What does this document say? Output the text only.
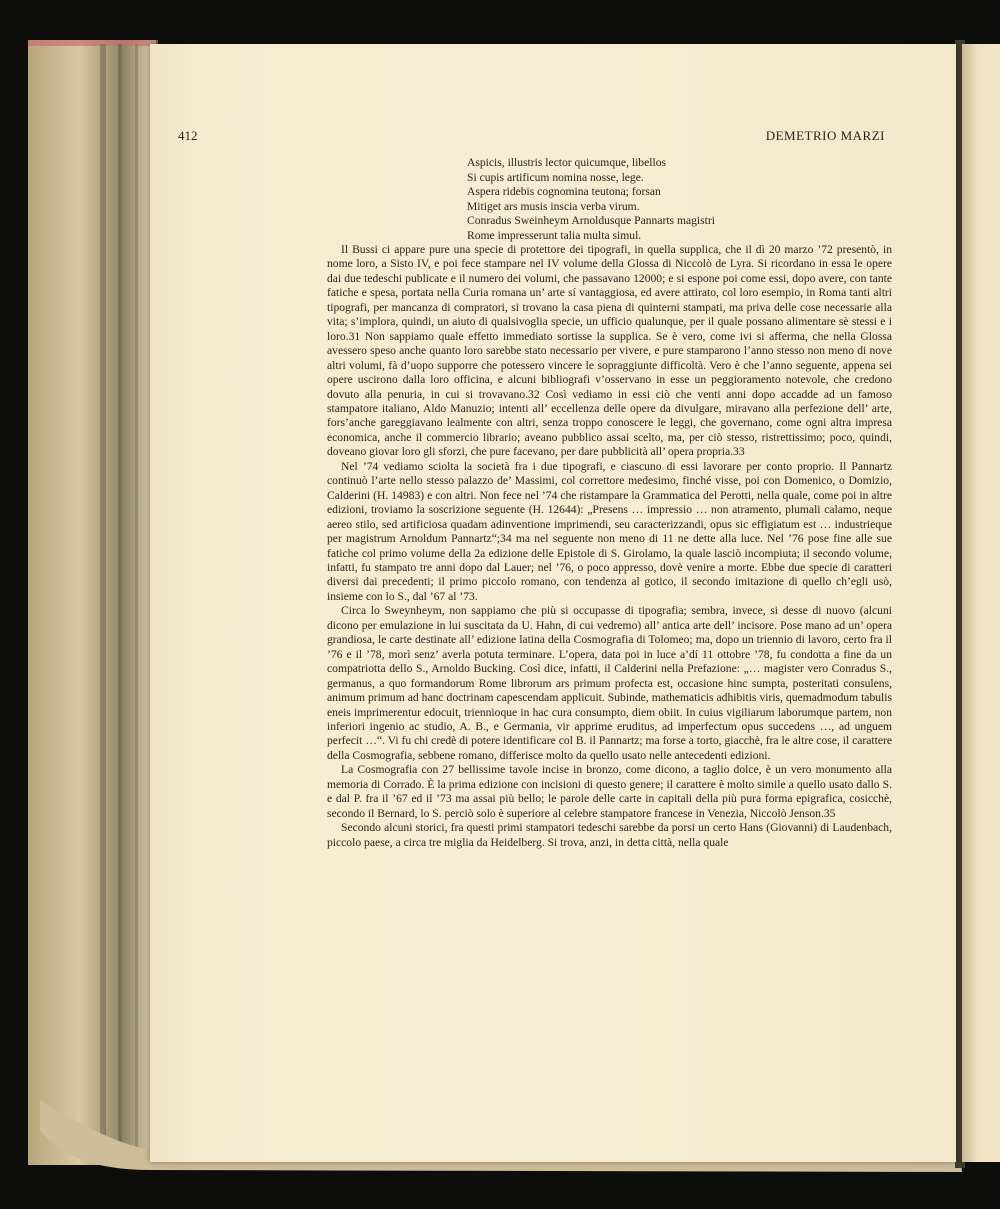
412	DEMETRIO MARZI
Aspicis, illustris lector quicumque, libellos
Si cupis artificum nomina nosse, lege.
Aspera ridebis cognomina teutona; forsan
Mitiget ars musis inscia verba virum.
Conradus Sweinheym Arnoldusque Pannarts magistri
Rome impresserunt talia multa simul.

Il Bussi ci appare pure una specie di protettore dei tipografi, in quella supplica, che il dì 20 marzo ’72 presentò, in nome loro, a Sisto IV, e poi fece stampare nel IV volume della Glossa di Niccolò de Lyra. Si ricordano in essa le opere dai due tedeschi publicate e il numero dei volumi, che passavano 12000; e si espone poi come essi, dopo avere, con tante fatiche e spesa, portata nella Curia romana un’ arte sí vantaggiosa, ed avere attirato, col loro esempio, in Roma tanti altri tipografi, per mancanza di compratori, si trovano la casa piena di quinterni stampati, ma priva delle cose necessarie alla vita; s’implora, quindi, un aiuto di qualsivoglia specie, un ufficio qualunque, per il quale possano alimentare sè stessi e i loro.31 Non sappiamo quale effetto immediato sortisse la supplica. Se è vero, come ivi si afferma, che nella Glossa avessero speso anche quanto loro sarebbe stato necessario per vivere, e pure stamparono l’anno stesso non meno di nove altri volumi, fà d’uopo supporre che potessero vincere le sopraggiunte difficoltà. Vero è che l’anno seguente, appena sei opere uscirono dalla loro officina, e alcuni bibliografi v’osservano in esse un peggioramento notevole, che credono dovuto alla penuria, in cui si trovavano.32 Così vediamo in essi ciò che venti anni dopo accadde ad un famoso stampatore italiano, Aldo Manuzio; intenti all’ eccellenza delle opere da divulgare, miravano alla perfezione dell’ arte, fors’anche gareggiavano lealmente con altri, senza troppo conoscere le leggi, che governano, come ogni altra impresa economica, anche il commercio librario; aveano pubblico assai scelto, ma, per ciò stesso, ristrettissimo; poco, quindi, doveano giovar loro gli sforzi, che pure facevano, per dare pubblicità all’ opera propria.33

Nel ’74 vediamo sciolta la società fra i due tipografi, e ciascuno di essi lavorare per conto proprio. Il Pannartz continuò l’arte nello stesso palazzo de’ Massimi, col correttore medesimo, finché visse, poi con Domenico, o Domizio, Calderini (H. 14983) e con altri. Non fece nel ’74 che ristampare la Grammatica del Perotti, nella quale, come poi in altre edizioni, troviamo la soscrizione seguente (H. 12644): „Presens … impressio … non atramento, plumali calamo, neque aereo stilo, sed artificiosa quadam adinventione imprimendi, seu caracterizzandi, opus sic effigiatum est … industrieque per magistrum Arnoldum Pannartz“;34 ma nel seguente non meno di 11 ne dette alla luce. Nel ’76 pose fine alle sue fatiche col primo volume della 2a edizione delle Epistole di S. Girolamo, la quale lasciò incompiuta; il secondo volume, infatti, fu stampato tre anni dopo dal Lauer; nel ’76, o poco appresso, dovè venire a morte. Ebbe due specie di caratteri diversi dai precedenti; il primo piccolo romano, con tendenza al gotico, il secondo imitazione di quello ch’egli usò, insieme con lo S., dal ’67 al ’73.

Circa lo Sweynheym, non sappiamo che più si occupasse di tipografia; sembra, invece, si desse di nuovo (alcuni dicono per emulazione in lui suscitata da U. Hahn, di cui vedremo) all’ antica arte dell’ incisore. Pose mano ad un’ opera grandiosa, le carte destinate all’ edizione latina della Cosmografia di Tolomeo; ma, dopo un triennio di lavoro, certo fra il ’76 e il ’78, morì senz’ averla potuta terminare. L’opera, data poi in luce a’dí 11 ottobre ’78, fu condotta a fine da un compatriotta dello S., Arnoldo Bucking. Così dice, infatti, il Calderini nella Prefazione: „… magister vero Conradus S., germanus, a quo formandorum Rome librorum ars primum profecta est, occasione hinc sumpta, posteritati consulens, animum primum ad hanc doctrinam capescendam applicuit. Subinde, mathematicis adhibitis viris, quemadmodum tabulis eneis imprimerentur edocuit, triennioque in hac cura consumpto, diem obiit. In cuius vigiliarum laborumque partem, non inferiori ingenio ac studio, A. B., e Germania, vir apprime eruditus, ad imperfectum opus succedens …, ad unguem perfecit …“. Vi fu chi credè di potere identificare col B. il Pannartz; ma forse a torto, giacchè, fra le altre cose, il carattere della Cosmografia, sebbene romano, differisce molto da quello usato nelle antecedenti edizioni.

La Cosmografia con 27 bellissime tavole incise in bronzo, come dicono, a taglio dolce, è un vero monumento alla memoria di Corrado. È la prima edizione con incisioni di questo genere; il carattere è molto simile a quello usato dallo S. e dal P. fra il ’67 ed il ’73 ma assai più bello; le parole delle carte in capitali della più pura forma epigrafica, cosicchè, secondo il Bernard, lo S. perciò solo è superiore al celebre stampatore francese in Venezia, Niccolò Jenson.35

Secondo alcuni storici, fra questi primi stampatori tedeschi sarebbe da porsi un certo Hans (Giovanni) di Laudenbach, piccolo paese, a circa tre miglia da Heidelberg. Si trova, anzi, in detta città, nella quale
